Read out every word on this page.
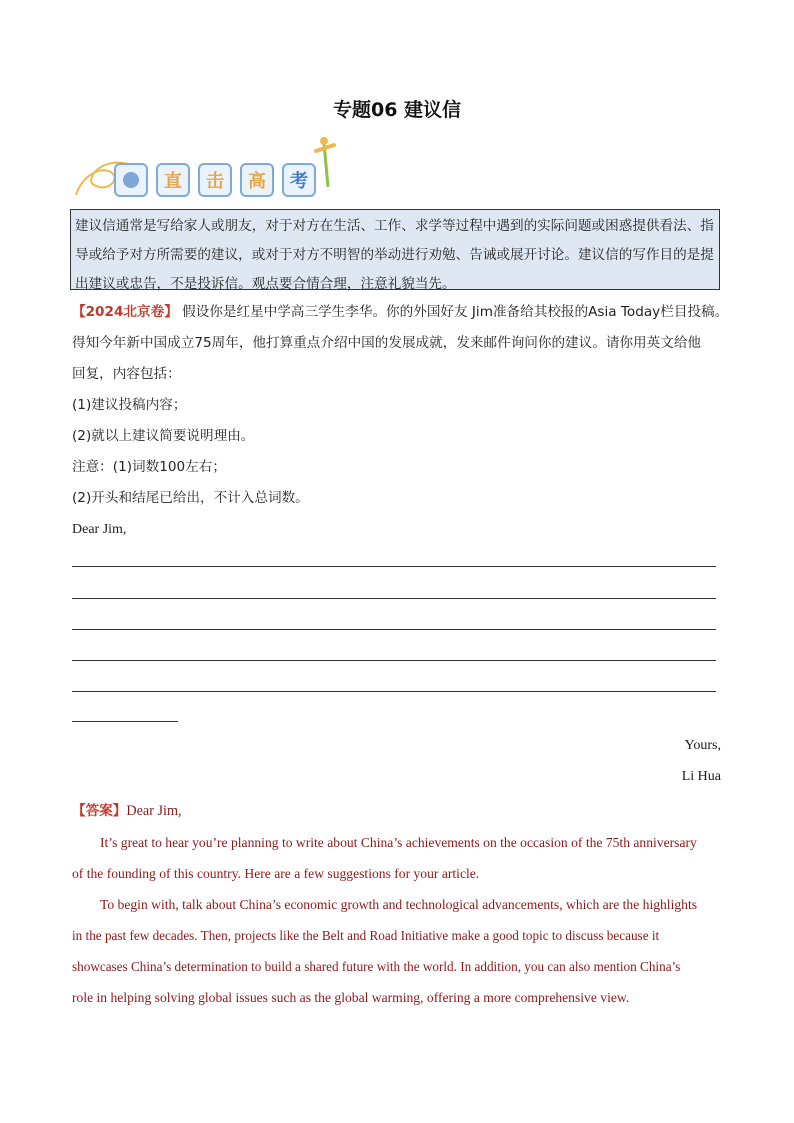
专题06 建议信
直	击	高	考
建议信通常是写给家人或朋友，对于对方在生活、工作、求学等过程中遇到的实际问题或困惑提供看法、指导或给予对方所需要的建议，或对于对方不明智的举动进行劝勉、告诫或展开讨论。建议信的写作目的是提出建议或忠告，不是投诉信。观点要合情合理，注意礼貌当先。
【2024北京卷】 假设你是红星中学高三学生李华。你的外国好友 Jim准备给其校报的Asia Today栏目投稿。
得知今年新中国成立75周年，他打算重点介绍中国的发展成就，发来邮件询问你的建议。请你用英文给他
回复，内容包括：
(1)建议投稿内容；
(2)就以上建议简要说明理由。
注意：(1)词数100左右；
(2)开头和结尾已给出，不计入总词数。
Dear Jim,
Yours,
Li Hua
【答案】Dear Jim,
It’s great to hear you’re planning to write about China’s achievements on the occasion of the 75th anniversary
of the founding of this country. Here are a few suggestions for your article.
To begin with, talk about China’s economic growth and technological advancements, which are the highlights
in the past few decades. Then, projects like the Belt and Road Initiative make a good topic to discuss because it
showcases China’s determination to build a shared future with the world. In addition, you can also mention China’s
role in helping solving global issues such as the global warming, offering a more comprehensive view.
